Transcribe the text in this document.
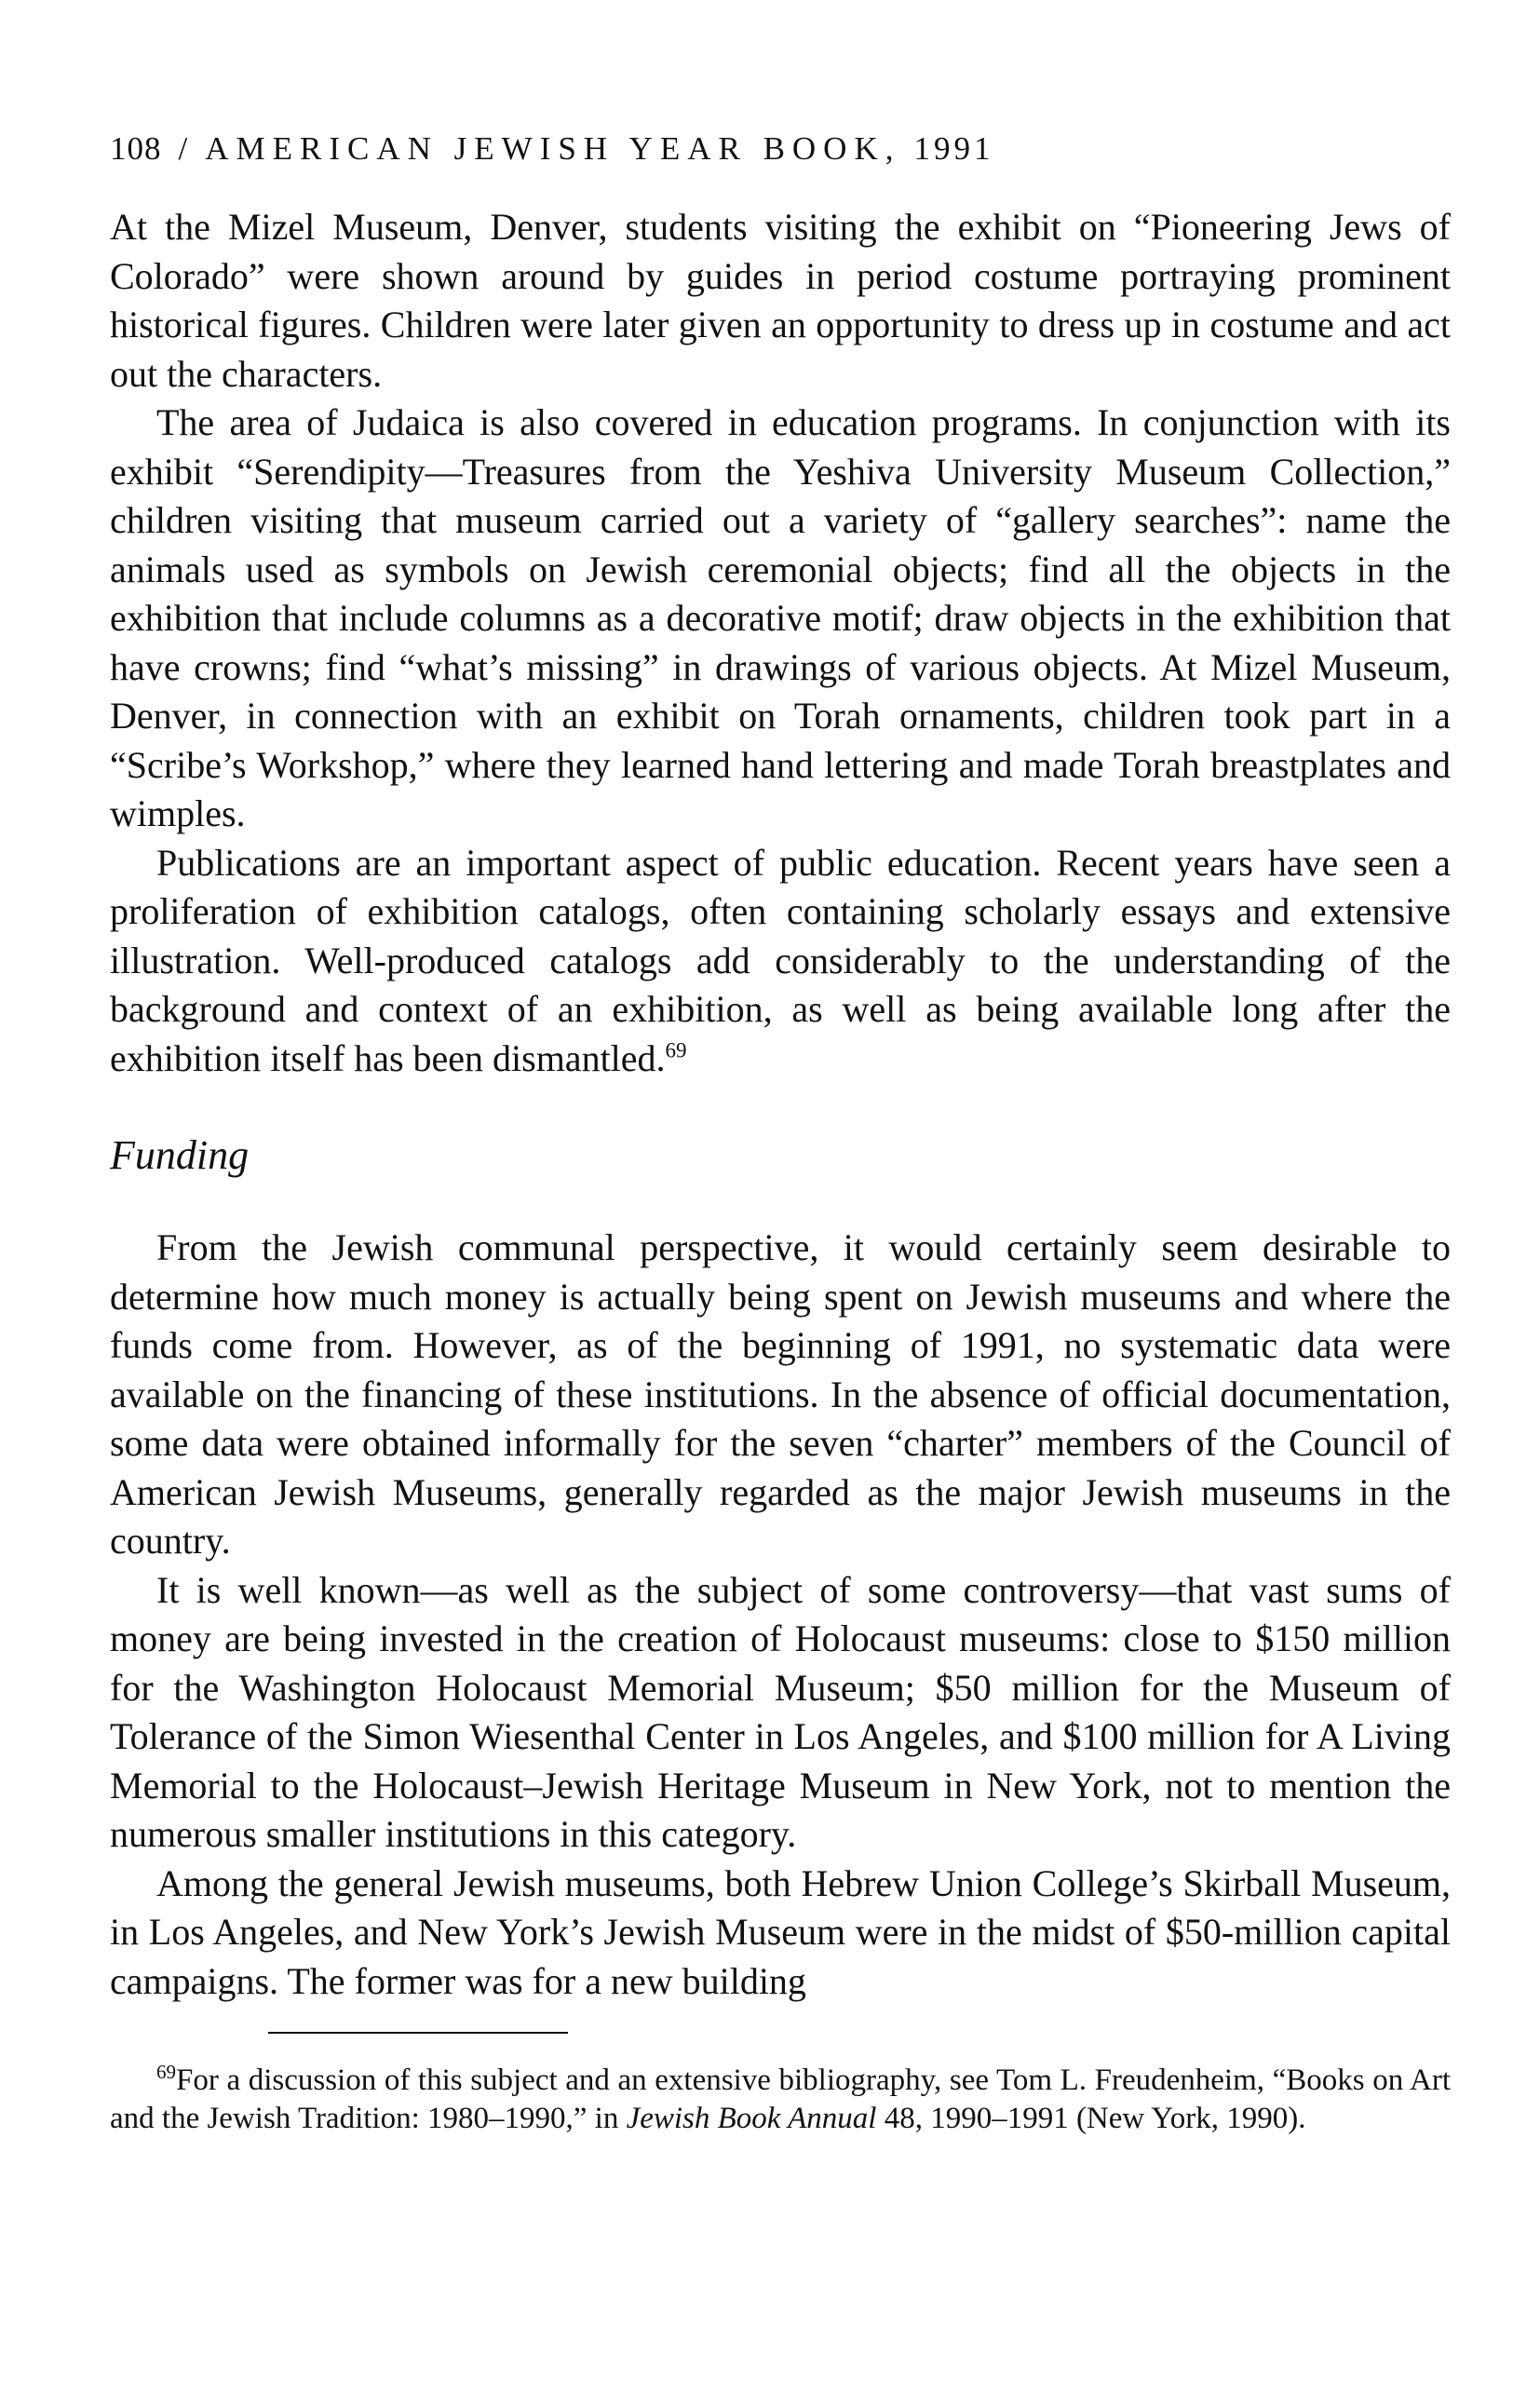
108 / AMERICAN JEWISH YEAR BOOK, 1991

At the Mizel Museum, Denver, students visiting the exhibit on “Pioneering Jews of Colorado” were shown around by guides in period costume portraying prominent historical figures. Children were later given an opportunity to dress up in costume and act out the characters.

The area of Judaica is also covered in education programs. In conjunction with its exhibit “Serendipity—Treasures from the Yeshiva University Museum Collection,” children visiting that museum carried out a variety of “gallery searches”: name the animals used as symbols on Jewish ceremonial objects; find all the objects in the exhibition that include columns as a decorative motif; draw objects in the exhibition that have crowns; find “what’s missing” in drawings of various objects. At Mizel Museum, Denver, in connection with an exhibit on Torah ornaments, children took part in a “Scribe’s Workshop,” where they learned hand lettering and made Torah breastplates and wimples.

Publications are an important aspect of public education. Recent years have seen a proliferation of exhibition catalogs, often containing scholarly essays and extensive illustration. Well-produced catalogs add considerably to the understanding of the background and context of an exhibition, as well as being available long after the exhibition itself has been dismantled.$^{69}$

Funding

From the Jewish communal perspective, it would certainly seem desirable to determine how much money is actually being spent on Jewish museums and where the funds come from. However, as of the beginning of 1991, no systematic data were available on the financing of these institutions. In the absence of official documentation, some data were obtained informally for the seven “charter” members of the Council of American Jewish Museums, generally regarded as the major Jewish museums in the country.

It is well known—as well as the subject of some controversy—that vast sums of money are being invested in the creation of Holocaust museums: close to $150 million for the Washington Holocaust Memorial Museum; $50 million for the Museum of Tolerance of the Simon Wiesenthal Center in Los Angeles, and $100 million for A Living Memorial to the Holocaust–Jewish Heritage Museum in New York, not to mention the numerous smaller institutions in this category.

Among the general Jewish museums, both Hebrew Union College’s Skirball Museum, in Los Angeles, and New York’s Jewish Museum were in the midst of $50-million capital campaigns. The former was for a new building

$^{69}$For a discussion of this subject and an extensive bibliography, see Tom L. Freudenheim, “Books on Art and the Jewish Tradition: 1980–1990,” in Jewish Book Annual 48, 1990–1991 (New York, 1990).
